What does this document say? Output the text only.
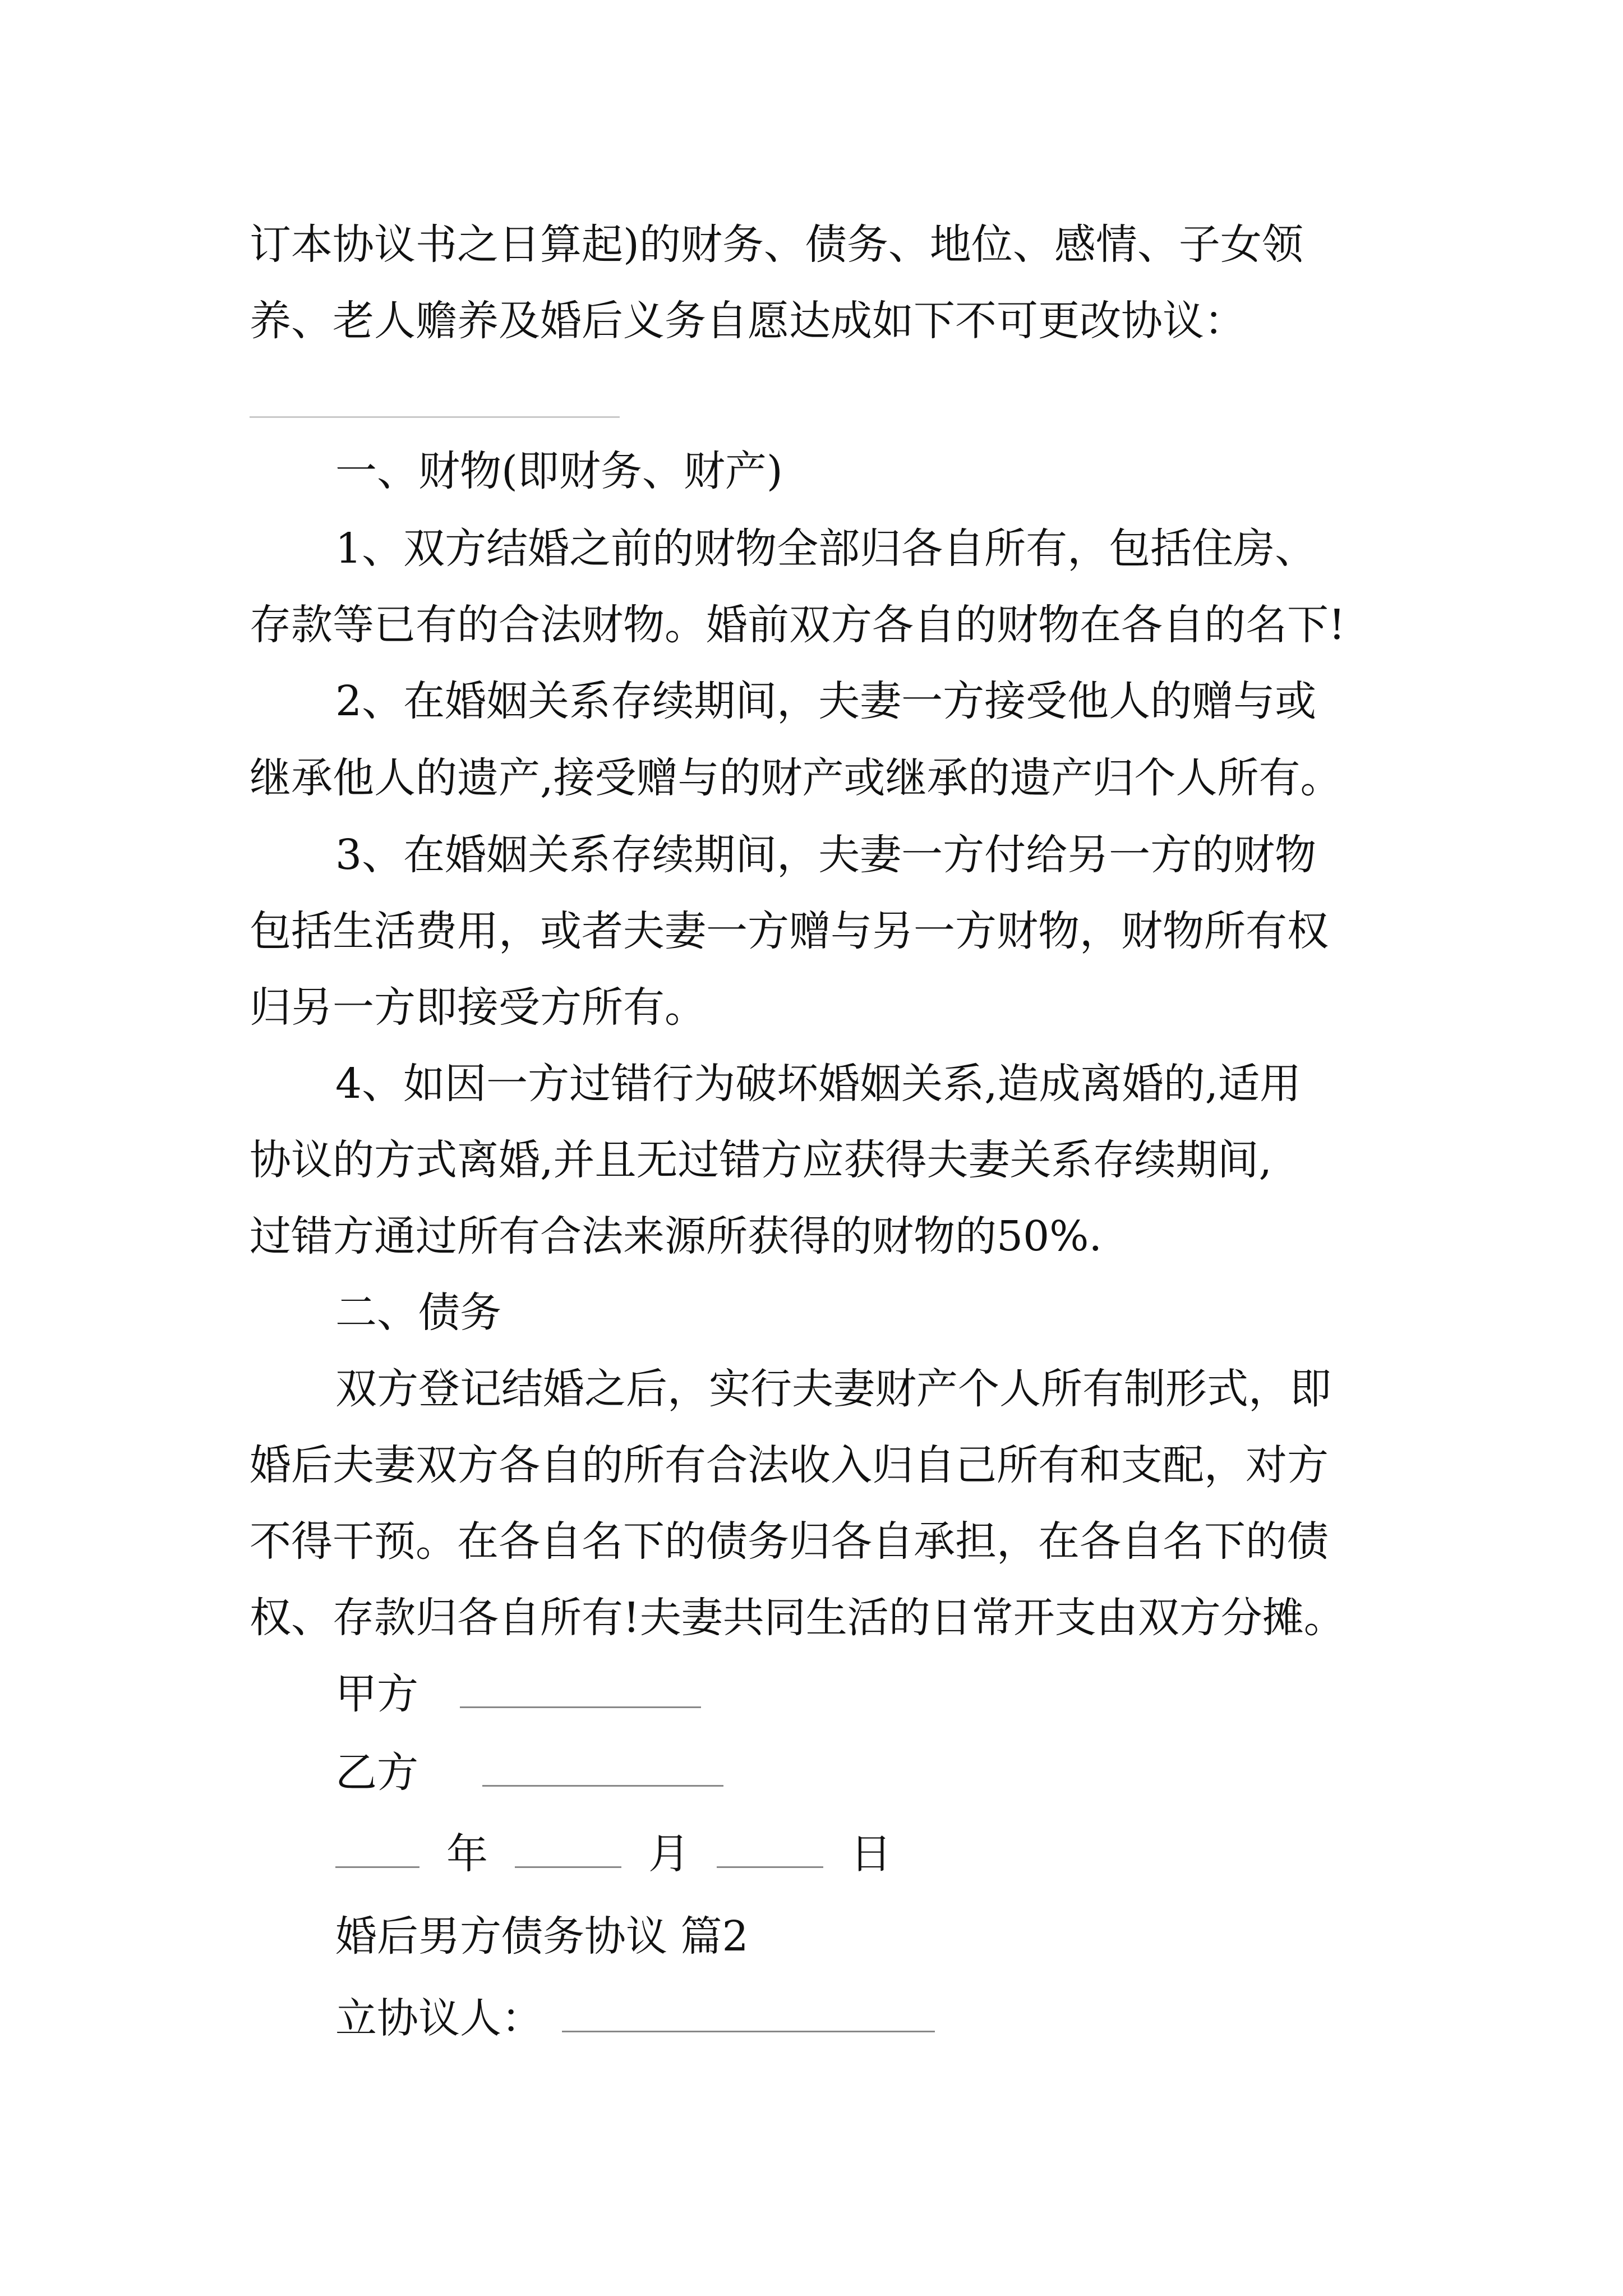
订本协议书之日算起)的财务、债务、地位、感情、子女领
养、老人赡养及婚后义务自愿达成如下不可更改协议：
一、财物(即财务、财产)
1、双方结婚之前的财物全部归各自所有，包括住房、
存款等已有的合法财物。婚前双方各自的财物在各自的名下!
2、在婚姻关系存续期间，夫妻一方接受他人的赠与或
继承他人的遗产,接受赠与的财产或继承的遗产归个人所有。
3、在婚姻关系存续期间，夫妻一方付给另一方的财物
包括生活费用，或者夫妻一方赠与另一方财物，财物所有权
归另一方即接受方所有。
4、如因一方过错行为破坏婚姻关系,造成离婚的,适用
协议的方式离婚,并且无过错方应获得夫妻关系存续期间,
过错方通过所有合法来源所获得的财物的50%.
二、债务
双方登记结婚之后，实行夫妻财产个人所有制形式，即
婚后夫妻双方各自的所有合法收入归自己所有和支配，对方
不得干预。在各自名下的债务归各自承担，在各自名下的债
权、存款归各自所有!夫妻共同生活的日常开支由双方分摊。
甲方
乙方
年	月	日
婚后男方债务协议 篇2
立协议人：
